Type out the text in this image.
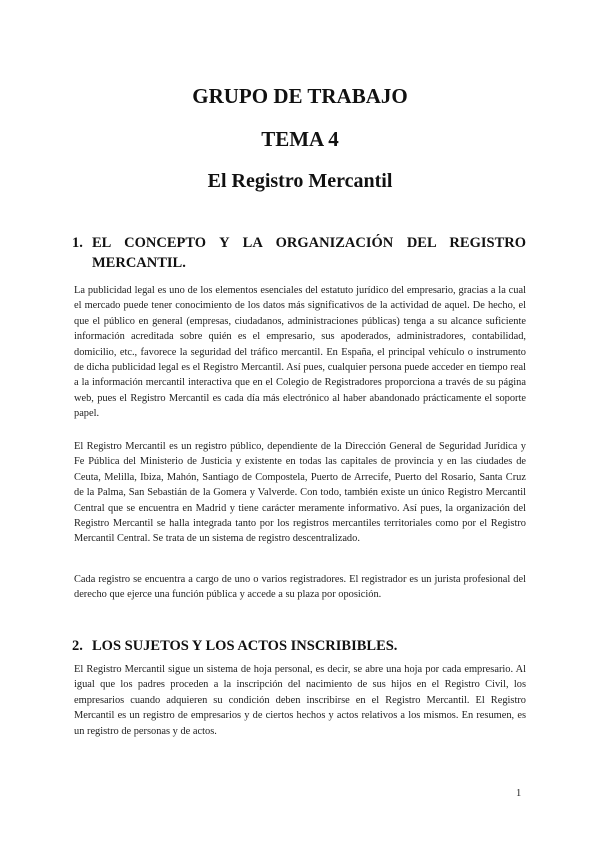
GRUPO DE TRABAJO
TEMA 4
El Registro Mercantil
1. EL CONCEPTO Y LA ORGANIZACIÓN DEL REGISTRO MERCANTIL.

La publicidad legal es uno de los elementos esenciales del estatuto jurídico del empresario, gracias a la cual el mercado puede tener conocimiento de los datos más significativos de la actividad de aquel. De hecho, el que el público en general (empresas, ciudadanos, administraciones públicas) tenga a su alcance suficiente información acreditada sobre quién es el empresario, sus apoderados, administradores, contabilidad, domicilio, etc., favorece la seguridad del tráfico mercantil. En España, el principal vehículo o instrumento de dicha publicidad legal es el Registro Mercantil. Así pues, cualquier persona puede acceder en tiempo real a la información mercantil interactiva que en el Colegio de Registradores proporciona a través de su página web, pues el Registro Mercantil es cada día más electrónico al haber abandonado prácticamente el soporte papel.

El Registro Mercantil es un registro público, dependiente de la Dirección General de Seguridad Jurídica y Fe Pública del Ministerio de Justicia y existente en todas las capitales de provincia y en las ciudades de Ceuta, Melilla, Ibiza, Mahón, Santiago de Compostela, Puerto de Arrecife, Puerto del Rosario, Santa Cruz de la Palma, San Sebastián de la Gomera y Valverde. Con todo, también existe un único Registro Mercantil Central que se encuentra en Madrid y tiene carácter meramente informativo. Así pues, la organización del Registro Mercantil se halla integrada tanto por los registros mercantiles territoriales como por el Registro Mercantil Central. Se trata de un sistema de registro descentralizado.

Cada registro se encuentra a cargo de uno o varios registradores. El registrador es un jurista profesional del derecho que ejerce una función pública y accede a su plaza por oposición.

2. LOS SUJETOS Y LOS ACTOS INSCRIBIBLES.

El Registro Mercantil sigue un sistema de hoja personal, es decir, se abre una hoja por cada empresario. Al igual que los padres proceden a la inscripción del nacimiento de sus hijos en el Registro Civil, los empresarios cuando adquieren su condición deben inscribirse en el Registro Mercantil. El Registro Mercantil es un registro de empresarios y de ciertos hechos y actos relativos a los mismos. En resumen, es un registro de personas y de actos.

1
